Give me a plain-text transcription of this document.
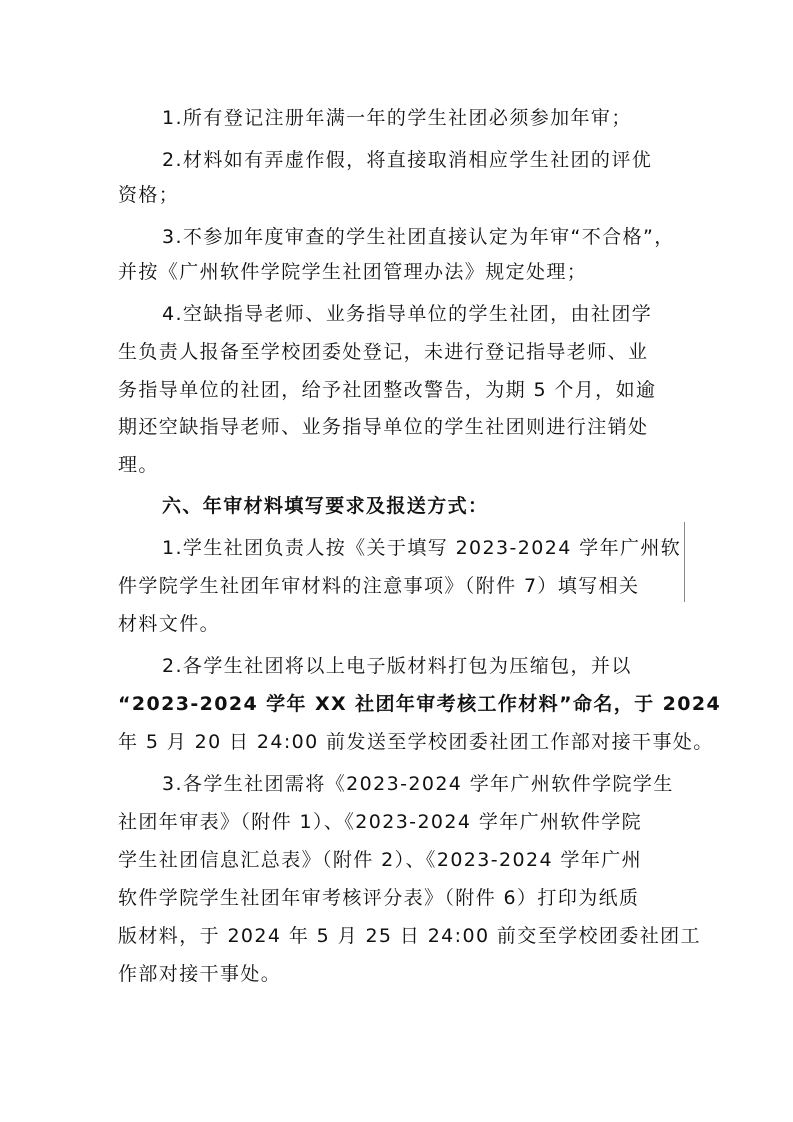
1.所有登记注册年满一年的学生社团必须参加年审；
2.材料如有弄虚作假，将直接取消相应学生社团的评优
资格；
3.不参加年度审查的学生社团直接认定为年审“不合格”，
并按《广州软件学院学生社团管理办法》规定处理；
4.空缺指导老师、业务指导单位的学生社团，由社团学
生负责人报备至学校团委处登记，未进行登记指导老师、业
务指导单位的社团，给予社团整改警告，为期 5 个月，如逾
期还空缺指导老师、业务指导单位的学生社团则进行注销处
理。
六、年审材料填写要求及报送方式：
1.学生社团负责人按《关于填写 2023-2024 学年广州软
件学院学生社团年审材料的注意事项》（附件 7）填写相关
材料文件。
2.各学生社团将以上电子版材料打包为压缩包，并以
“2023-2024 学年 XX 社团年审考核工作材料”命名，于 2024
年 5 月 20 日 24:00 前发送至学校团委社团工作部对接干事处。
3.各学生社团需将《2023-2024 学年广州软件学院学生
社团年审表》（附件 1）、《2023-2024 学年广州软件学院
学生社团信息汇总表》（附件 2）、《2023-2024 学年广州
软件学院学生社团年审考核评分表》（附件 6）打印为纸质
版材料，于 2024 年 5 月 25 日 24:00 前交至学校团委社团工
作部对接干事处。
